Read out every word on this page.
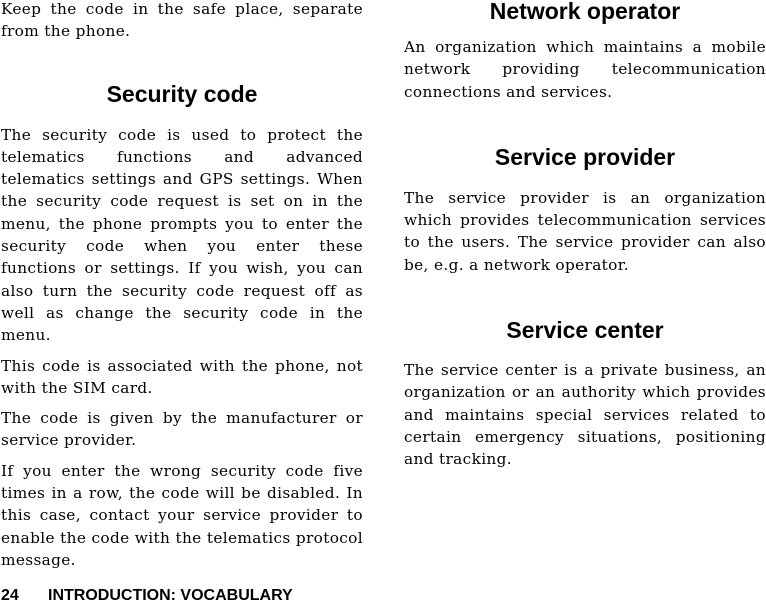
Keep the code in the safe place, separate from the phone.

Security code

The security code is used to protect the telematics functions and advanced telematics settings and GPS settings. When the security code request is set on in the menu, the phone prompts you to enter the security code when you enter these functions or settings. If you wish, you can also turn the security code request off as well as change the security code in the menu.

This code is associated with the phone, not with the SIM card.

The code is given by the manufacturer or service provider.

If you enter the wrong security code five times in a row, the code will be disabled. In this case, contact your service provider to enable the code with the telematics protocol message.

Network operator

An organization which maintains a mobile network providing telecommunication connections and services.

Service provider

The service provider is an organization which provides telecommunication services to the users. The service provider can also be, e.g. a network operator.

Service center

The service center is a private business, an organization or an authority which provides and maintains special services related to certain emergency situations, positioning and tracking.

24 INTRODUCTION: VOCABULARY
